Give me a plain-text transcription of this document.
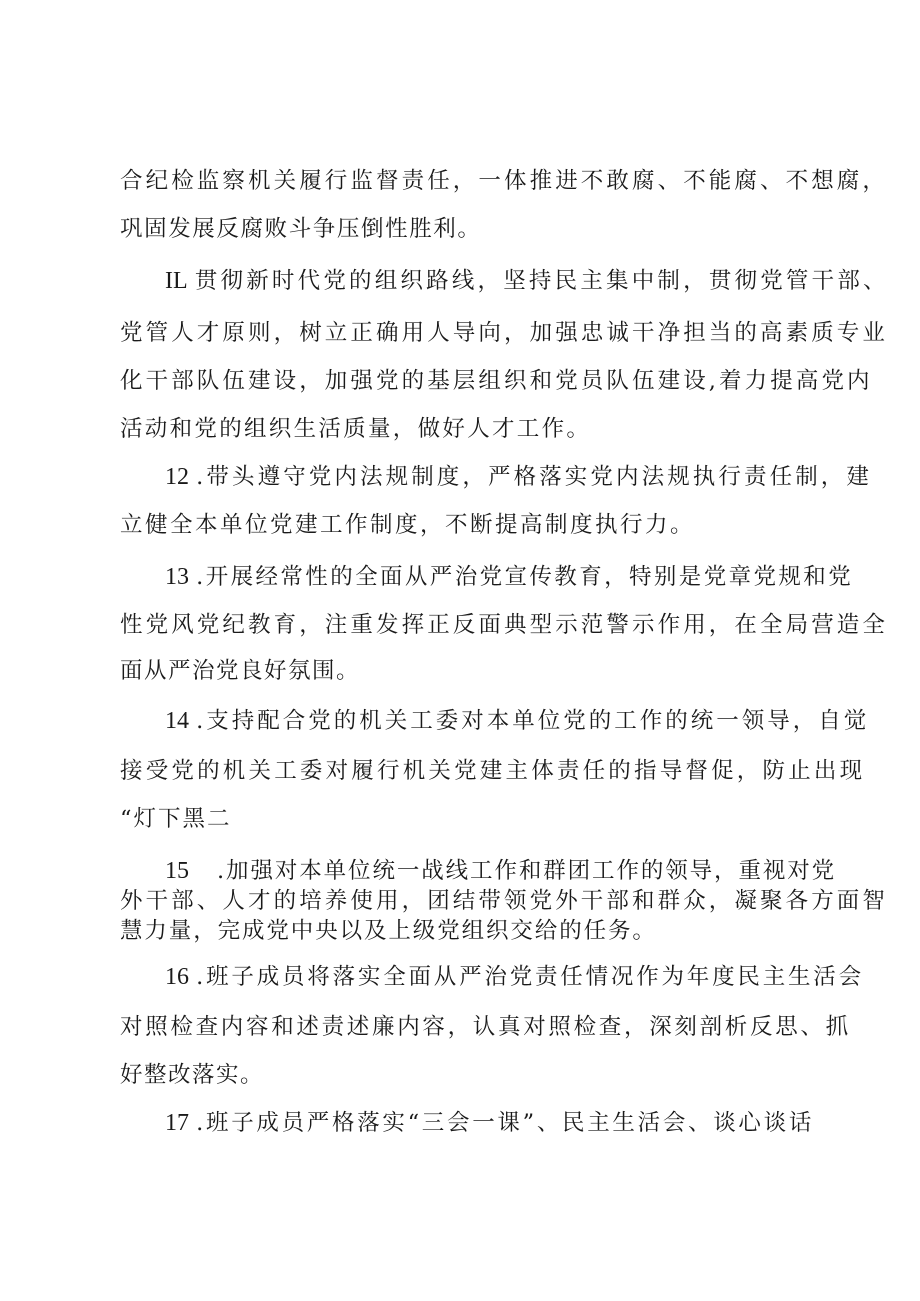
合纪检监察机关履行监督责任，一体推进不敢腐、不能腐、不想腐，
巩固发展反腐败斗争压倒性胜利。
IL 贯彻新时代党的组织路线，坚持民主集中制，贯彻党管干部、
党管人才原则，树立正确用人导向，加强忠诚干净担当的高素质专业
化干部队伍建设，加强党的基层组织和党员队伍建设,着力提高党内
活动和党的组织生活质量，做好人才工作。
12 .带头遵守党内法规制度，严格落实党内法规执行责任制，建
立健全本单位党建工作制度，不断提高制度执行力。
13 .开展经常性的全面从严治党宣传教育，特别是党章党规和党
性党风党纪教育，注重发挥正反面典型示范警示作用，在全局营造全
面从严治党良好氛围。
14 .支持配合党的机关工委对本单位党的工作的统一领导，自觉
接受党的机关工委对履行机关党建主体责任的指导督促，防止出现
“灯下黑二
15 .加强对本单位统一战线工作和群团工作的领导，重视对党
外干部、人才的培养使用，团结带领党外干部和群众，凝聚各方面智
慧力量，完成党中央以及上级党组织交给的任务。
16 .班子成员将落实全面从严治党责任情况作为年度民主生活会
对照检查内容和述责述廉内容，认真对照检查，深刻剖析反思、抓
好整改落实。
17 .班子成员严格落实“三会一课”、民主生活会、谈心谈话
